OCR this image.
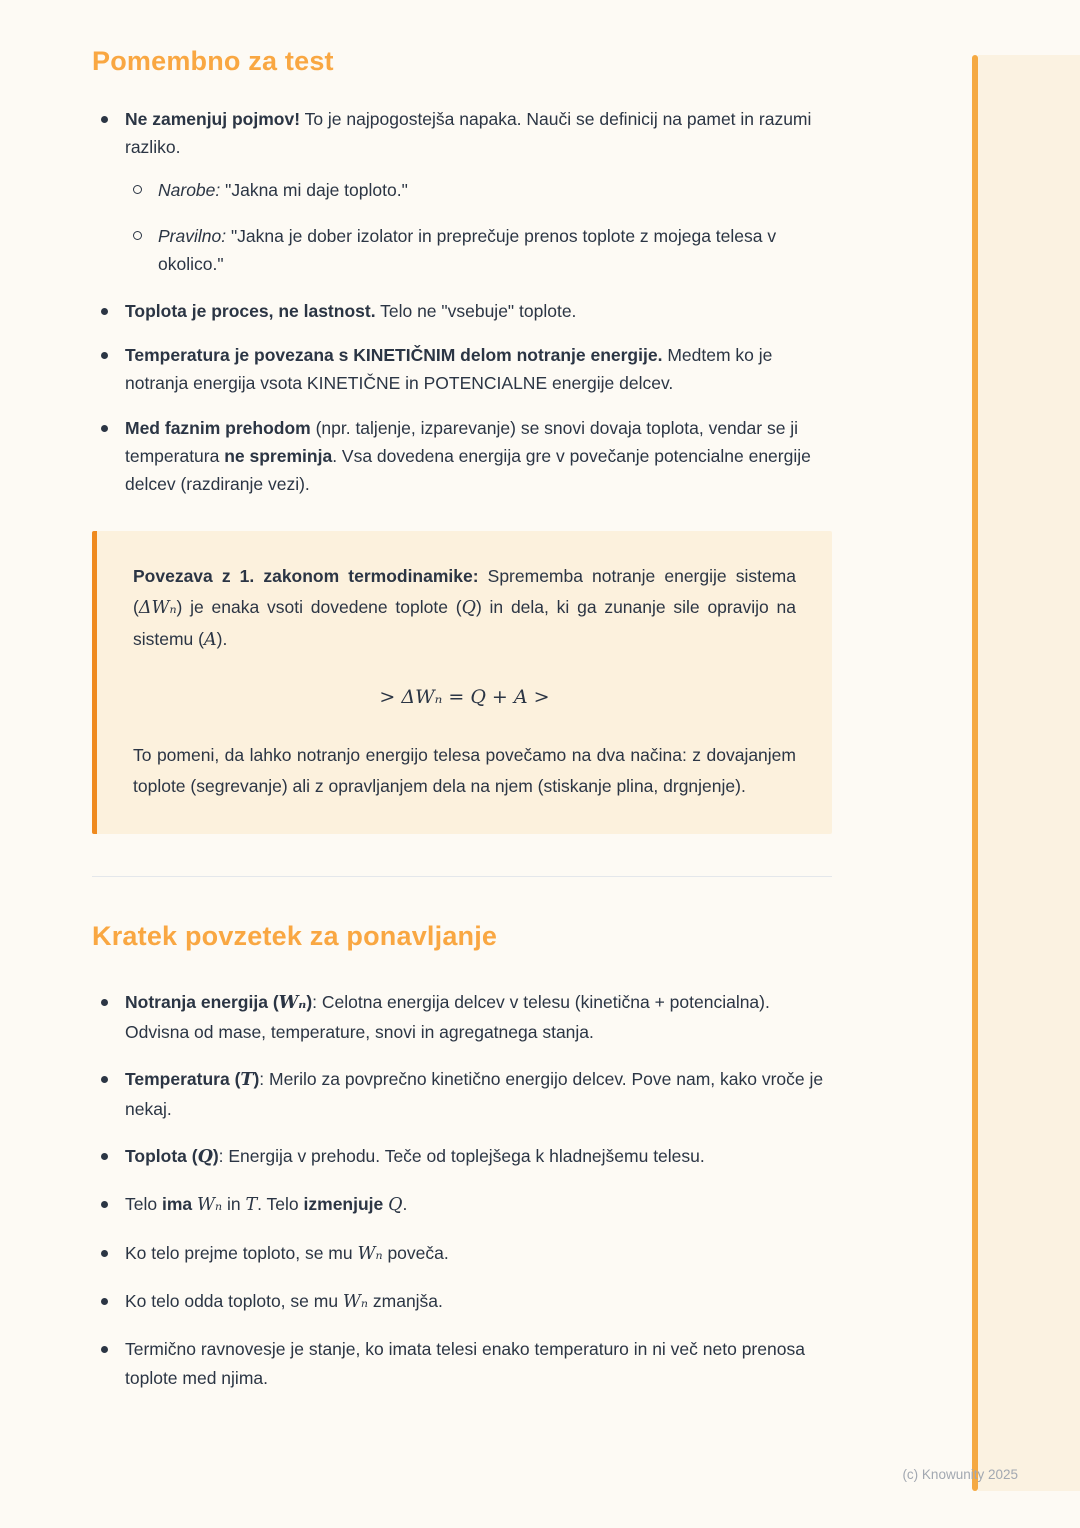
Pomembno za test
Ne zamenjuj pojmov! To je najpogostejša napaka. Nauči se definicij na pamet in razumi razliko.
Narobe: "Jakna mi daje toploto."
Pravilno: "Jakna je dober izolator in preprečuje prenos toplote z mojega telesa v okolico."
Toplota je proces, ne lastnost. Telo ne "vsebuje" toplote.
Temperatura je povezana s KINETIČNIM delom notranje energije. Medtem ko je notranja energija vsota KINETIČNE in POTENCIALNE energije delcev.
Med faznim prehodom (npr. taljenje, izparevanje) se snovi dovaja toplota, vendar se ji temperatura ne spreminja. Vsa dovedena energija gre v povečanje potencialne energije delcev (razdiranje vezi).

Povezava z 1. zakonom termodinamike: Sprememba notranje energije sistema (ΔWₙ) je enaka vsoti dovedene toplote (Q) in dela, ki ga zunanje sile opravijo na sistemu (A).

> ΔWₙ = Q + A >

To pomeni, da lahko notranjo energijo telesa povečamo na dva načina: z dovajanjem toplote (segrevanje) ali z opravljanjem dela na njem (stiskanje plina, drgnjenje).

Kratek povzetek za ponavljanje
Notranja energija (Wₙ): Celotna energija delcev v telesu (kinetična + potencialna). Odvisna od mase, temperature, snovi in agregatnega stanja.
Temperatura (T): Merilo za povprečno kinetično energijo delcev. Pove nam, kako vroče je nekaj.
Toplota (Q): Energija v prehodu. Teče od toplejšega k hladnejšemu telesu.
Telo ima Wₙ in T. Telo izmenjuje Q.
Ko telo prejme toploto, se mu Wₙ poveča.
Ko telo odda toploto, se mu Wₙ zmanjša.
Termično ravnovesje je stanje, ko imata telesi enako temperaturo in ni več neto prenosa toplote med njima.
(c) Knowunity 2025
